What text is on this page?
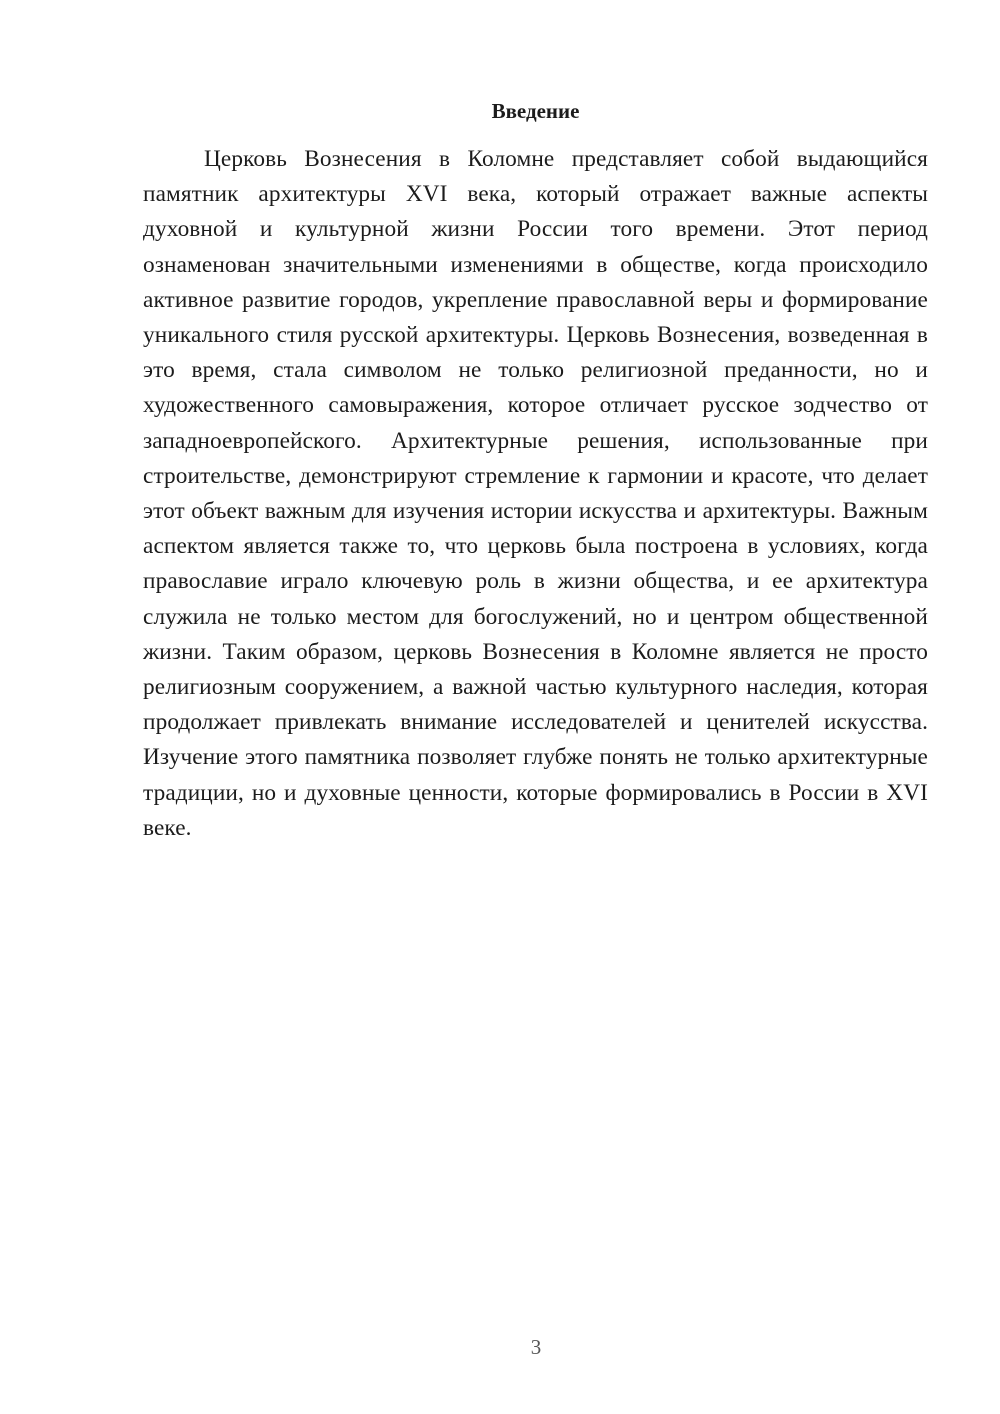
Введение

Церковь Вознесения в Коломне представляет собой выдающийся памятник архитектуры XVI века, который отражает важные аспекты духовной и культурной жизни России того времени. Этот период ознаменован значительными изменениями в обществе, когда происходило активное развитие городов, укрепление православной веры и формирование уникального стиля русской архитектуры. Церковь Вознесения, возведенная в это время, стала символом не только религиозной преданности, но и художественного самовыражения, которое отличает русское зодчество от западноевропейского. Архитектурные решения, использованные при строительстве, демонстрируют стремление к гармонии и красоте, что делает этот объект важным для изучения истории искусства и архитектуры. Важным аспектом является также то, что церковь была построена в условиях, когда православие играло ключевую роль в жизни общества, и ее архитектура служила не только местом для богослужений, но и центром общественной жизни. Таким образом, церковь Вознесения в Коломне является не просто религиозным сооружением, а важной частью культурного наследия, которая продолжает привлекать внимание исследователей и ценителей искусства. Изучение этого памятника позволяет глубже понять не только архитектурные традиции, но и духовные ценности, которые формировались в России в XVI веке.

3
